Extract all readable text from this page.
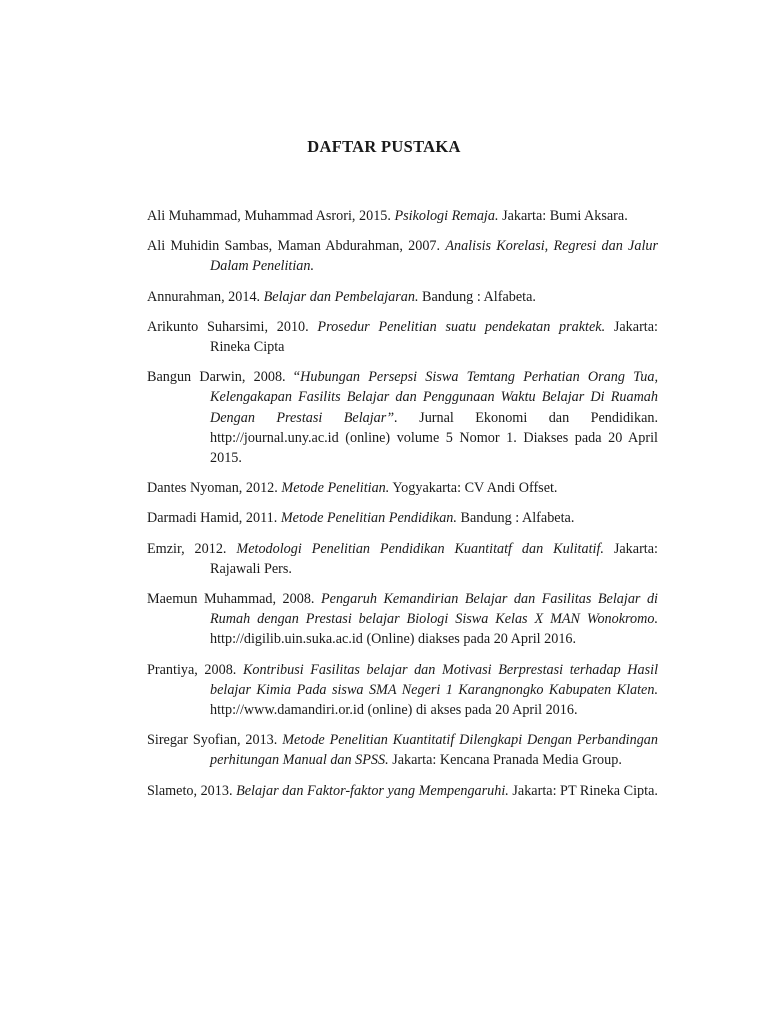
DAFTAR PUSTAKA

Ali Muhammad, Muhammad Asrori, 2015. Psikologi Remaja. Jakarta: Bumi Aksara.

Ali Muhidin Sambas, Maman Abdurahman, 2007. Analisis Korelasi, Regresi dan Jalur Dalam Penelitian.

Annurahman, 2014. Belajar dan Pembelajaran. Bandung : Alfabeta.

Arikunto Suharsimi, 2010. Prosedur Penelitian suatu pendekatan praktek. Jakarta: Rineka Cipta

Bangun Darwin, 2008. “Hubungan Persepsi Siswa Temtang Perhatian Orang Tua, Kelengakapan Fasilits Belajar dan Penggunaan Waktu Belajar Di Ruamah Dengan Prestasi Belajar”. Jurnal Ekonomi dan Pendidikan. http://journal.uny.ac.id (online) volume 5 Nomor 1. Diakses pada 20 April 2015.

Dantes Nyoman, 2012. Metode Penelitian. Yogyakarta: CV Andi Offset.

Darmadi Hamid, 2011. Metode Penelitian Pendidikan. Bandung : Alfabeta.

Emzir, 2012. Metodologi Penelitian Pendidikan Kuantitatf dan Kulitatif. Jakarta: Rajawali Pers.

Maemun Muhammad, 2008. Pengaruh Kemandirian Belajar dan Fasilitas Belajar di Rumah dengan Prestasi belajar Biologi Siswa Kelas X MAN Wonokromo. http://digilib.uin.suka.ac.id (Online) diakses pada 20 April 2016.

Prantiya, 2008. Kontribusi Fasilitas belajar dan Motivasi Berprestasi terhadap Hasil belajar Kimia Pada siswa SMA Negeri 1 Karangnongko Kabupaten Klaten. http://www.damandiri.or.id (online) di akses pada 20 April 2016.

Siregar Syofian, 2013. Metode Penelitian Kuantitatif Dilengkapi Dengan Perbandingan perhitungan Manual dan SPSS. Jakarta: Kencana Pranada Media Group.

Slameto, 2013. Belajar dan Faktor-faktor yang Mempengaruhi. Jakarta: PT Rineka Cipta.
